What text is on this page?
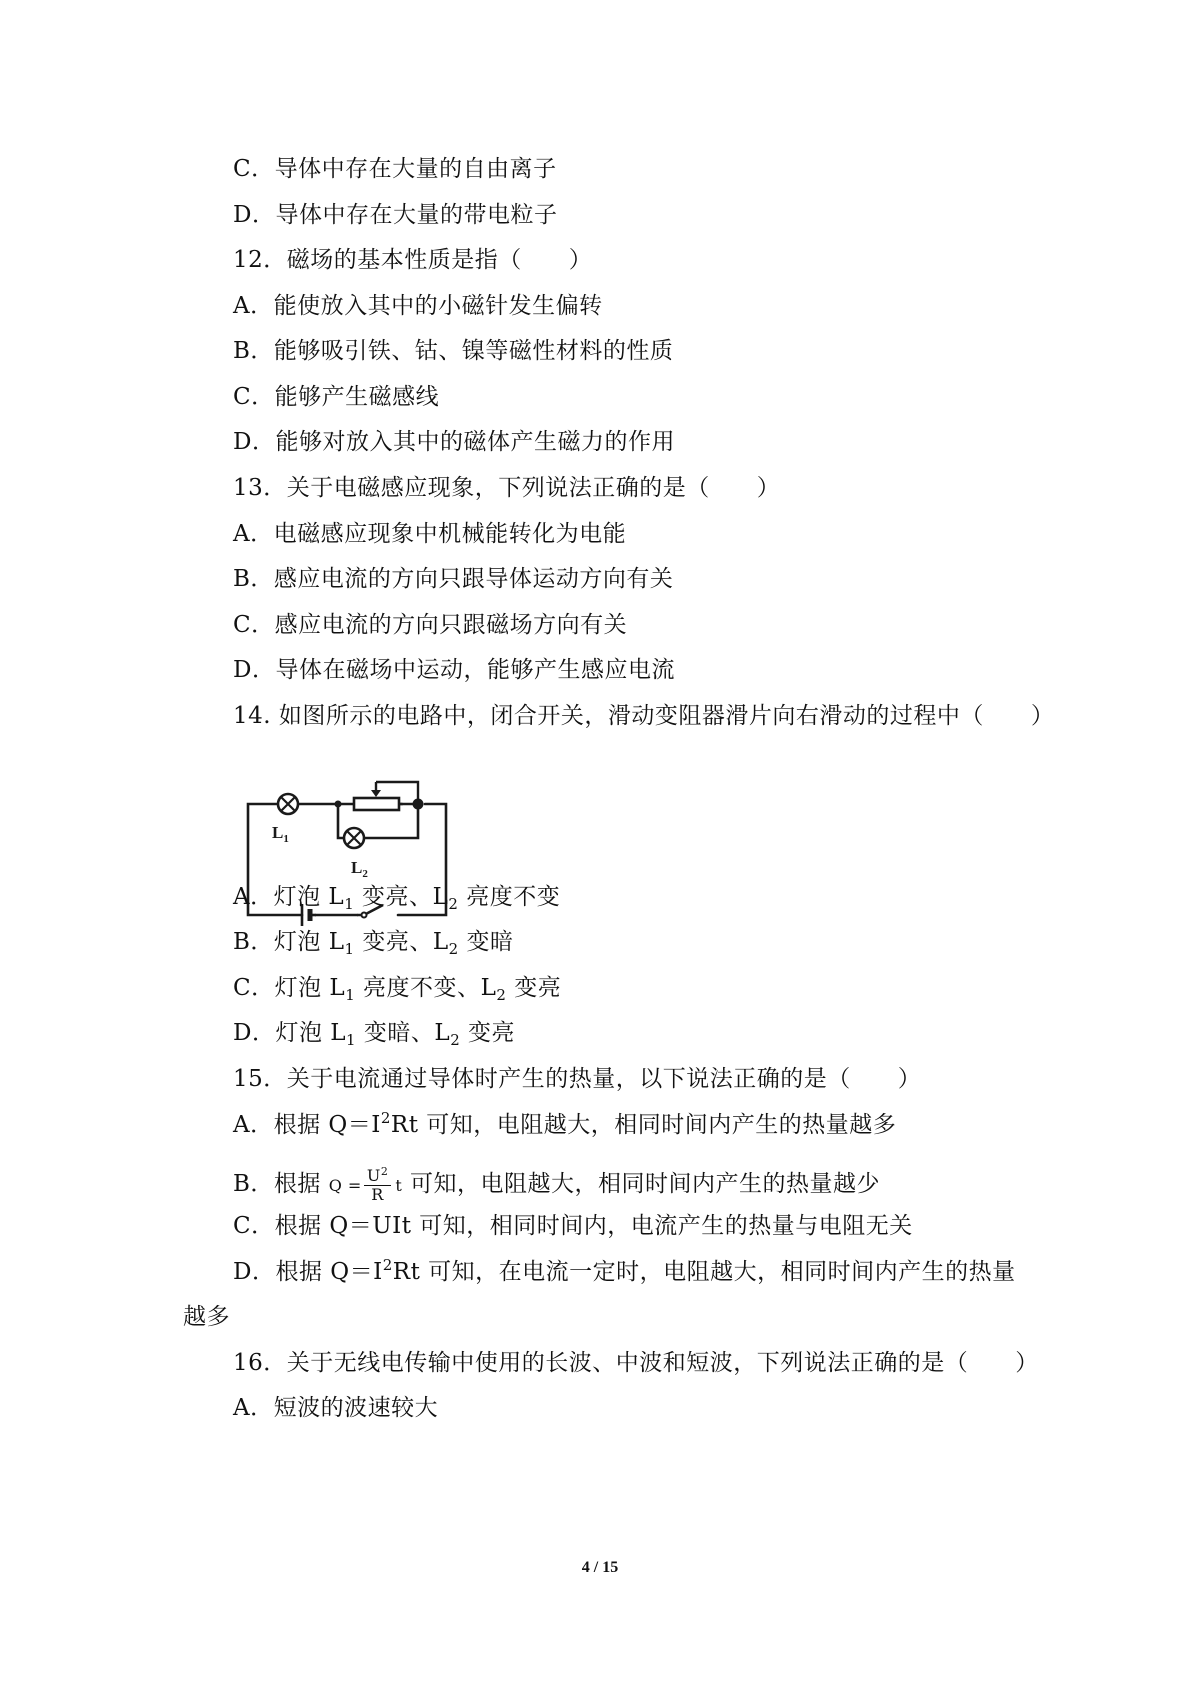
C．导体中存在大量的自由离子
D．导体中存在大量的带电粒子
12．磁场的基本性质是指（　　）
A．能使放入其中的小磁针发生偏转
B．能够吸引铁、钴、镍等磁性材料的性质
C．能够产生磁感线
D．能够对放入其中的磁体产生磁力的作用
13．关于电磁感应现象，下列说法正确的是（　　）
A．电磁感应现象中机械能转化为电能
B．感应电流的方向只跟导体运动方向有关
C．感应电流的方向只跟磁场方向有关
D．导体在磁场中运动，能够产生感应电流
14. 如图所示的电路中，闭合开关，滑动变阻器滑片向右滑动的过程中（　　）
$L_1$
$L_2$
A．灯泡 $L_1$ 变亮、$L_2$ 亮度不变
B．灯泡 $L_1$ 变亮、$L_2$ 变暗
C．灯泡 $L_1$ 亮度不变、$L_2$ 变亮
D．灯泡 $L_1$ 变暗、$L_2$ 变亮
15．关于电流通过导体时产生的热量，以下说法正确的是（　　）
A．根据 $Q=I^2Rt$ 可知，电阻越大，相同时间内产生的热量越多
B．根据 $Q = \frac{U^2}{R}$ t 可知，电阻越大，相同时间内产生的热量越少
C．根据 Q＝UIt 可知，相同时间内，电流产生的热量与电阻无关
D．根据 $Q=I^2Rt$ 可知，在电流一定时，电阻越大，相同时间内产生的热量
越多
16．关于无线电传输中使用的长波、中波和短波，下列说法正确的是（　　）
A．短波的波速较大
4 / 15
